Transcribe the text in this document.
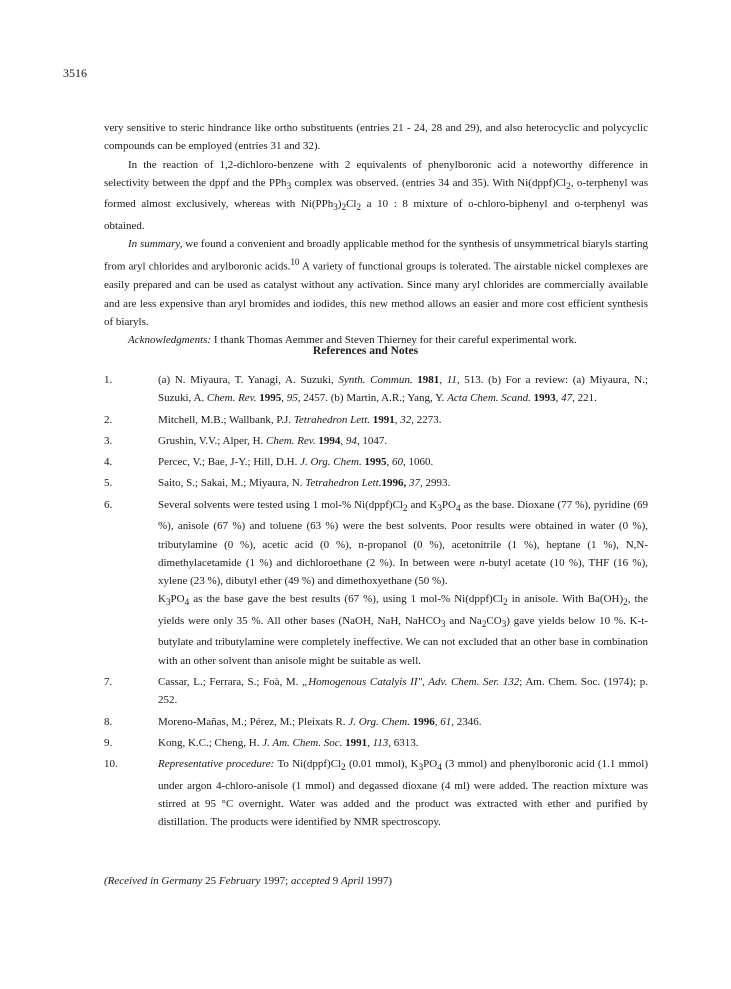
3516

very sensitive to steric hindrance like ortho substituents (entries 21 - 24, 28 and 29), and also heterocyclic and polycyclic compounds can be employed (entries 31 and 32).

In the reaction of 1,2-dichloro-benzene with 2 equivalents of phenylboronic acid a noteworthy difference in selectivity between the dppf and the PPh$_3$ complex was observed. (entries 34 and 35). With $Ni(dppf)Cl_2$, o-terphenyl was formed almost exclusively, whereas with $Ni(PPh_3)_2Cl_2$ a 10 : 8 mixture of o-chloro-biphenyl and o-terphenyl was obtained.

In summary, we found a convenient and broadly applicable method for the synthesis of unsymmetrical biaryls starting from aryl chlorides and arylboronic acids.$^{10}$ A variety of functional groups is tolerated. The airstable nickel complexes are easily prepared and can be used as catalyst without any activation. Since many aryl chlorides are commercially available and are less expensive than aryl bromides and iodides, this new method allows an easier and more cost efficient synthesis of biaryls.

Acknowledgments: I thank Thomas Aemmer and Steven Thierney for their careful experimental work.

References and Notes
1.	(a) N. Miyaura, T. Yanagi, A. Suzuki, Synth. Commun. 1981, 11, 513. (b) For a review: (a) Miyaura, N.; Suzuki, A. Chem. Rev. 1995, 95, 2457. (b) Martin, A.R.; Yang, Y. Acta Chem. Scand. 1993, 47, 221.
2.	Mitchell, M.B.; Wallbank, P.J. Tetrahedron Lett. 1991, 32, 2273.
3.	Grushin, V.V.; Alper, H. Chem. Rev. 1994, 94, 1047.
4.	Percec, V.; Bae, J-Y.; Hill, D.H. J. Org. Chem. 1995, 60, 1060.
5.	Saito, S.; Sakai, M.; Miyaura, N. Tetrahedron Lett.1996, 37, 2993.
6.	Several solvents were tested using 1 mol-% $Ni(dppf)Cl_2$ and $K_3PO_4$ as the base. Dioxane (77 %), pyridine (69 %), anisole (67 %) and toluene (63 %) were the best solvents. Poor results were obtained in water (0 %), tributylamine (0 %), acetic acid (0 %), n-propanol (0 %), acetonitrile (1 %), heptane (1 %), N,N-dimethylacetamide (1 %) and dichloroethane (2 %). In between were n-butyl acetate (10 %), THF (16 %), xylene (23 %), dibutyl ether (49 %) and dimethoxyethane (50 %).
$K_3PO_4$ as the base gave the best results (67 %), using 1 mol-% $Ni(dppf)Cl_2$ in anisole. With $Ba(OH)_2$, the yields were only 35 %. All other bases (NaOH, NaH, NaHCO$_3$ and $Na_2CO_3$) gave yields below 10 %. K-t-butylate and tributylamine were completely ineffective. We can not excluded that an other base in combination with an other solvent than anisole might be suitable as well.
7.	Cassar, L.; Ferrara, S.; Foà, M. „Homogenous Catalyis II", Adv. Chem. Ser. 132; Am. Chem. Soc. (1974); p. 252.
8.	Moreno-Mañas, M.; Pérez, M.; Pleixats R. J. Org. Chem. 1996, 61, 2346.
9.	Kong, K.C.; Cheng, H. J. Am. Chem. Soc. 1991, 113, 6313.
10.	Representative procedure: To $Ni(dppf)Cl_2$ (0.01 mmol), $K_3PO_4$ (3 mmol) and phenylboronic acid (1.1 mmol) under argon 4-chloro-anisole (1 mmol) and degassed dioxane (4 ml) were added. The reaction mixture was stirred at 95 °C overnight. Water was added and the product was extracted with ether and purified by distillation. The products were identified by NMR spectroscopy.
(Received in Germany 25 February 1997; accepted 9 April 1997)
